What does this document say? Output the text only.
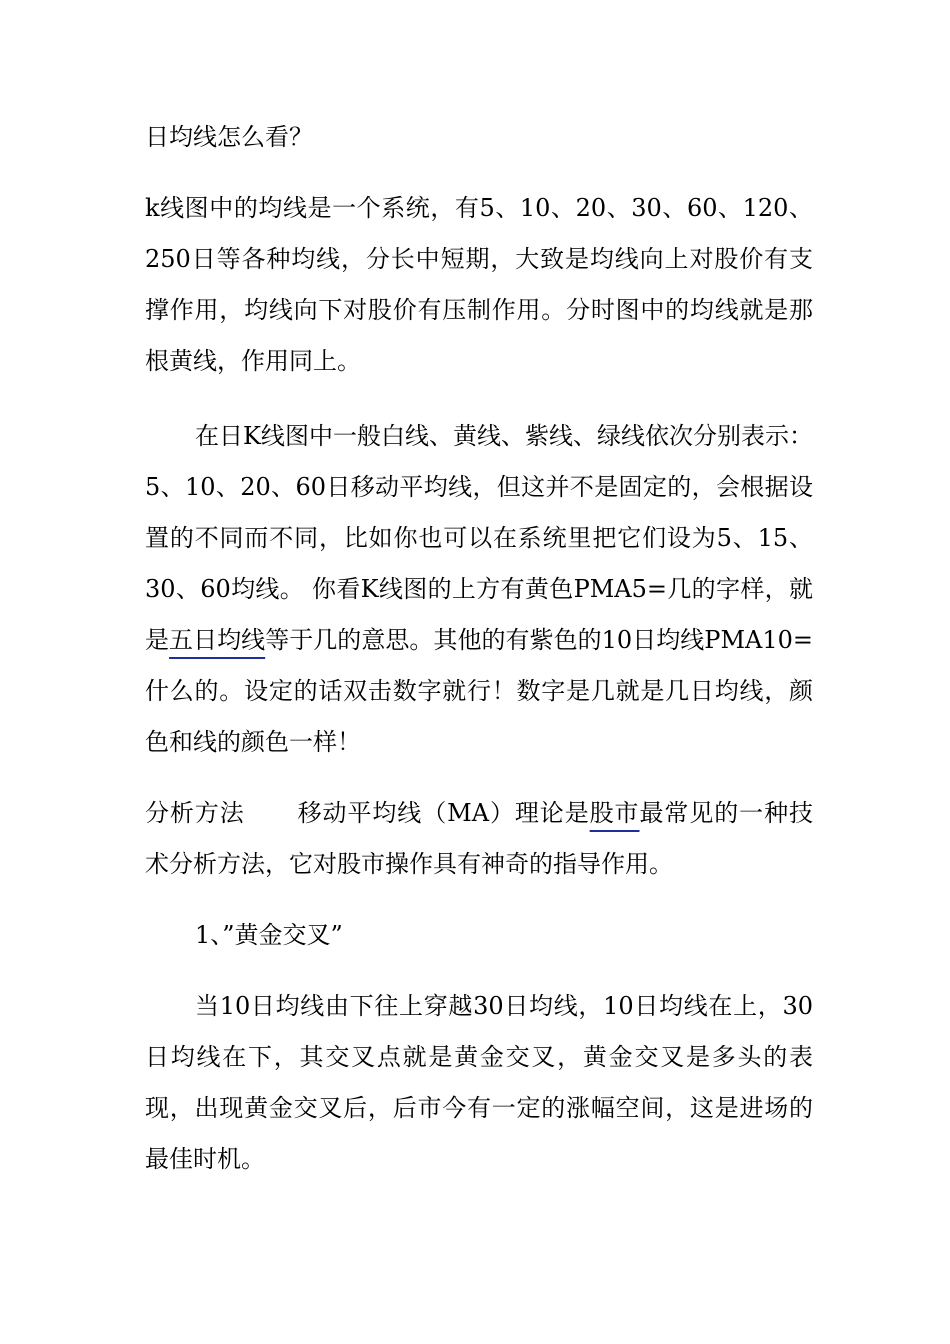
日均线怎么看？

k线图中的均线是一个系统，有5、10、20、30、60、120、250日等各种均线，分长中短期，大致是均线向上对股价有支撑作用，均线向下对股价有压制作用。分时图中的均线就是那根黄线，作用同上。

在日K线图中一般白线、黄线、紫线、绿线依次分别表示：5、10、20、60日移动平均线，但这并不是固定的，会根据设置的不同而不同，比如你也可以在系统里把它们设为5、15、30、60均线。 你看K线图的上方有黄色PMA5=几的字样，就是五日均线等于几的意思。其他的有紫色的10日均线PMA10=什么的。设定的话双击数字就行！数字是几就是几日均线，颜色和线的颜色一样！

分析方法 移动平均线（MA）理论是股市最常见的一种技术分析方法，它对股市操作具有神奇的指导作用。

1、”黄金交叉”

当10日均线由下往上穿越30日均线，10日均线在上，30日均线在下，其交叉点就是黄金交叉，黄金交叉是多头的表现，出现黄金交叉后，后市今有一定的涨幅空间，这是进场的最佳时机。
